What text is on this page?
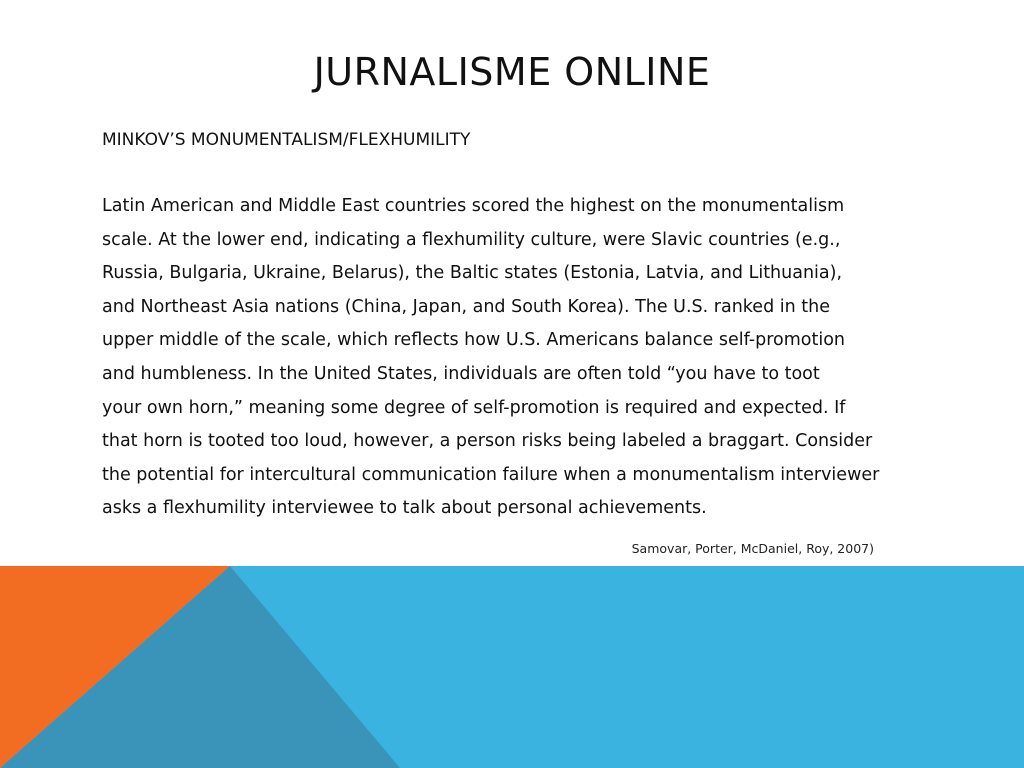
JURNALISME ONLINE

MINKOV’S MONUMENTALISM/FLEXHUMILITY

Latin American and Middle East countries scored the highest on the monumentalism
scale. At the lower end, indicating a flexhumility culture, were Slavic countries (e.g.,
Russia, Bulgaria, Ukraine, Belarus), the Baltic states (Estonia, Latvia, and Lithuania),
and Northeast Asia nations (China, Japan, and South Korea). The U.S. ranked in the
upper middle of the scale, which reflects how U.S. Americans balance self-promotion
and humbleness. In the United States, individuals are often told “you have to toot
your own horn,” meaning some degree of self-promotion is required and expected. If
that horn is tooted too loud, however, a person risks being labeled a braggart. Consider
the potential for intercultural communication failure when a monumentalism interviewer
asks a flexhumility interviewee to talk about personal achievements.

Samovar, Porter, McDaniel, Roy, 2007)
